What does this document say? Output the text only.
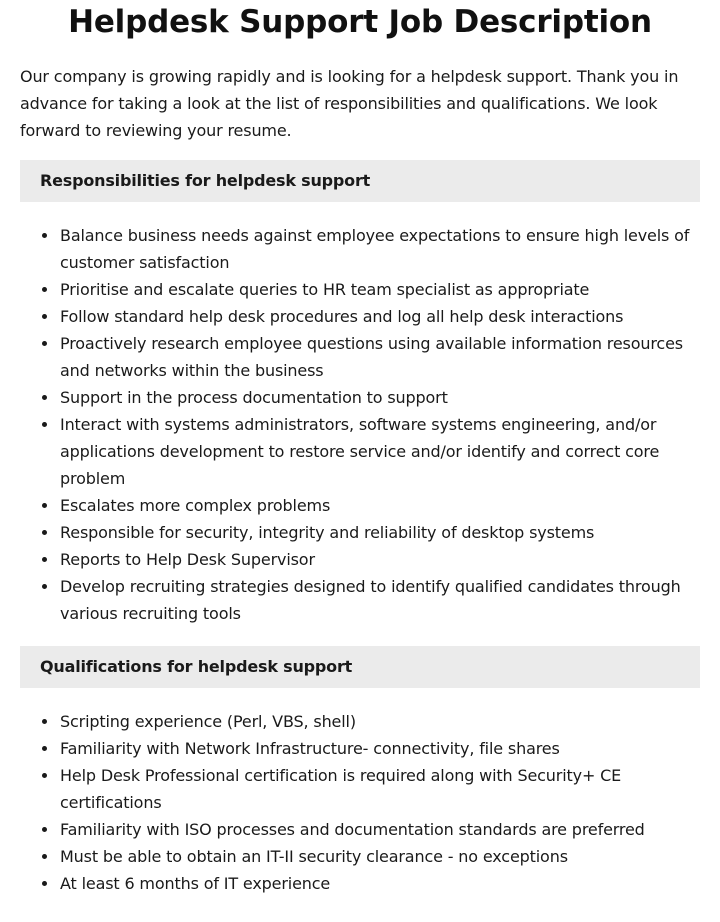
Helpdesk Support Job Description

Our company is growing rapidly and is looking for a helpdesk support. Thank you in advance for taking a look at the list of responsibilities and qualifications. We look forward to reviewing your resume.

Responsibilities for helpdesk support
Balance business needs against employee expectations to ensure high levels of customer satisfaction
Prioritise and escalate queries to HR team specialist as appropriate
Follow standard help desk procedures and log all help desk interactions
Proactively research employee questions using available information resources and networks within the business
Support in the process documentation to support
Interact with systems administrators, software systems engineering, and/or applications development to restore service and/or identify and correct core problem
Escalates more complex problems
Responsible for security, integrity and reliability of desktop systems
Reports to Help Desk Supervisor
Develop recruiting strategies designed to identify qualified candidates through various recruiting tools
Qualifications for helpdesk support
Scripting experience (Perl, VBS, shell)
Familiarity with Network Infrastructure- connectivity, file shares
Help Desk Professional certification is required along with Security+ CE certifications
Familiarity with ISO processes and documentation standards are preferred
Must be able to obtain an IT-II security clearance - no exceptions
At least 6 months of IT experience
